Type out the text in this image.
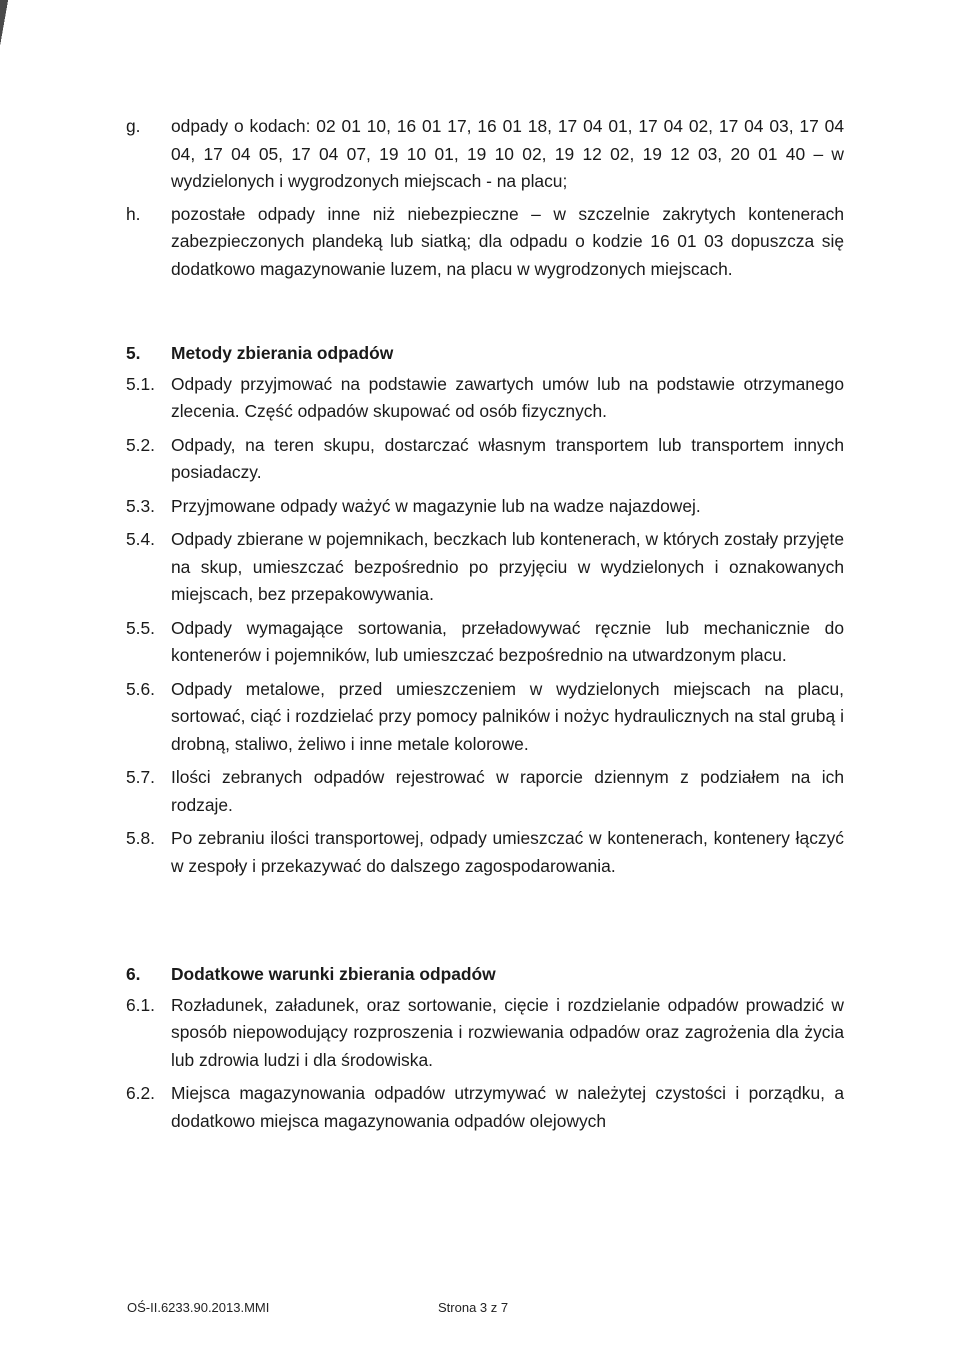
g.	odpady o kodach: 02 01 10, 16 01 17, 16 01 18, 17 04 01, 17 04 02, 17 04 03, 17 04 04, 17 04 05, 17 04 07, 19 10 01, 19 10 02, 19 12 02, 19 12 03, 20 01 40 – w wydzielonych i wygrodzonych miejscach - na placu;
h.	pozostałe odpady inne niż niebezpieczne – w szczelnie zakrytych kontenerach zabezpieczonych plandeką lub siatką; dla odpadu o kodzie 16 01 03 dopuszcza się dodatkowo magazynowanie luzem, na placu w wygrodzonych miejscach.
5.	Metody zbierania odpadów
5.1. Odpady przyjmować na podstawie zawartych umów lub na podstawie otrzymanego zlecenia. Część odpadów skupować od osób fizycznych.
5.2. Odpady, na teren skupu, dostarczać własnym transportem lub transportem innych posiadaczy.
5.3. Przyjmowane odpady ważyć w magazynie lub na wadze najazdowej.
5.4. Odpady zbierane w pojemnikach, beczkach lub kontenerach, w których zostały przyjęte na skup, umieszczać bezpośrednio po przyjęciu w wydzielonych i oznakowanych miejscach, bez przepakowywania.
5.5. Odpady wymagające sortowania, przeładowywać ręcznie lub mechanicznie do kontenerów i pojemników, lub umieszczać bezpośrednio na utwardzonym placu.
5.6. Odpady metalowe, przed umieszczeniem w wydzielonych miejscach na placu, sortować, ciąć i rozdzielać przy pomocy palników i nożyc hydraulicznych na stal grubą i drobną, staliwo, żeliwo i inne metale kolorowe.
5.7. Ilości zebranych odpadów rejestrować w raporcie dziennym z podziałem na ich rodzaje.
5.8. Po zebraniu ilości transportowej, odpady umieszczać w kontenerach, kontenery łączyć w zespoły i przekazywać do dalszego zagospodarowania.
6.	Dodatkowe warunki zbierania odpadów
6.1. Rozładunek, załadunek, oraz sortowanie, cięcie i rozdzielanie odpadów prowadzić w sposób niepowodujący rozproszenia i rozwiewania odpadów oraz zagrożenia dla życia lub zdrowia ludzi i dla środowiska.
6.2. Miejsca magazynowania odpadów utrzymywać w należytej czystości i porządku, a dodatkowo miejsca magazynowania odpadów olejowych
OŚ-II.6233.90.2013.MMI	Strona 3 z 7
